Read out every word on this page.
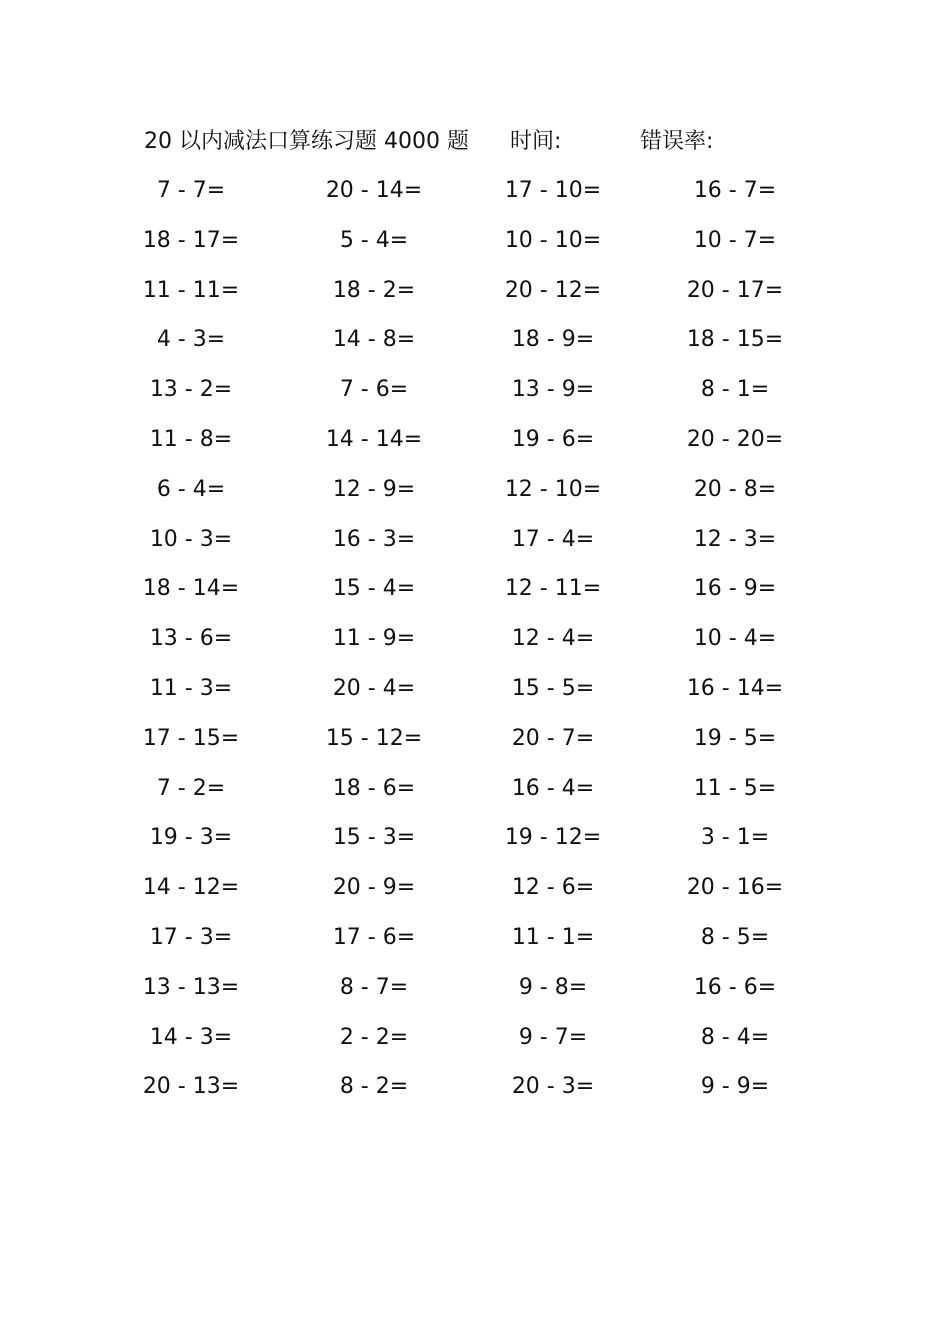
20 以内减法口算练习题 4000 题 时间:	错误率:
7 - 7=	20 - 14=	17 - 10=	16 - 7=
18 - 17=	5 - 4=	10 - 10=	10 - 7=
11 - 11=	18 - 2=	20 - 12=	20 - 17=
4 - 3=	14 - 8=	18 - 9=	18 - 15=
13 - 2=	7 - 6=	13 - 9=	8 - 1=
11 - 8=	14 - 14=	19 - 6=	20 - 20=
6 - 4=	12 - 9=	12 - 10=	20 - 8=
10 - 3=	16 - 3=	17 - 4=	12 - 3=
18 - 14=	15 - 4=	12 - 11=	16 - 9=
13 - 6=	11 - 9=	12 - 4=	10 - 4=
11 - 3=	20 - 4=	15 - 5=	16 - 14=
17 - 15=	15 - 12=	20 - 7=	19 - 5=
7 - 2=	18 - 6=	16 - 4=	11 - 5=
19 - 3=	15 - 3=	19 - 12=	3 - 1=
14 - 12=	20 - 9=	12 - 6=	20 - 16=
17 - 3=	17 - 6=	11 - 1=	8 - 5=
13 - 13=	8 - 7=	9 - 8=	16 - 6=
14 - 3=	2 - 2=	9 - 7=	8 - 4=
20 - 13=	8 - 2=	20 - 3=	9 - 9=
